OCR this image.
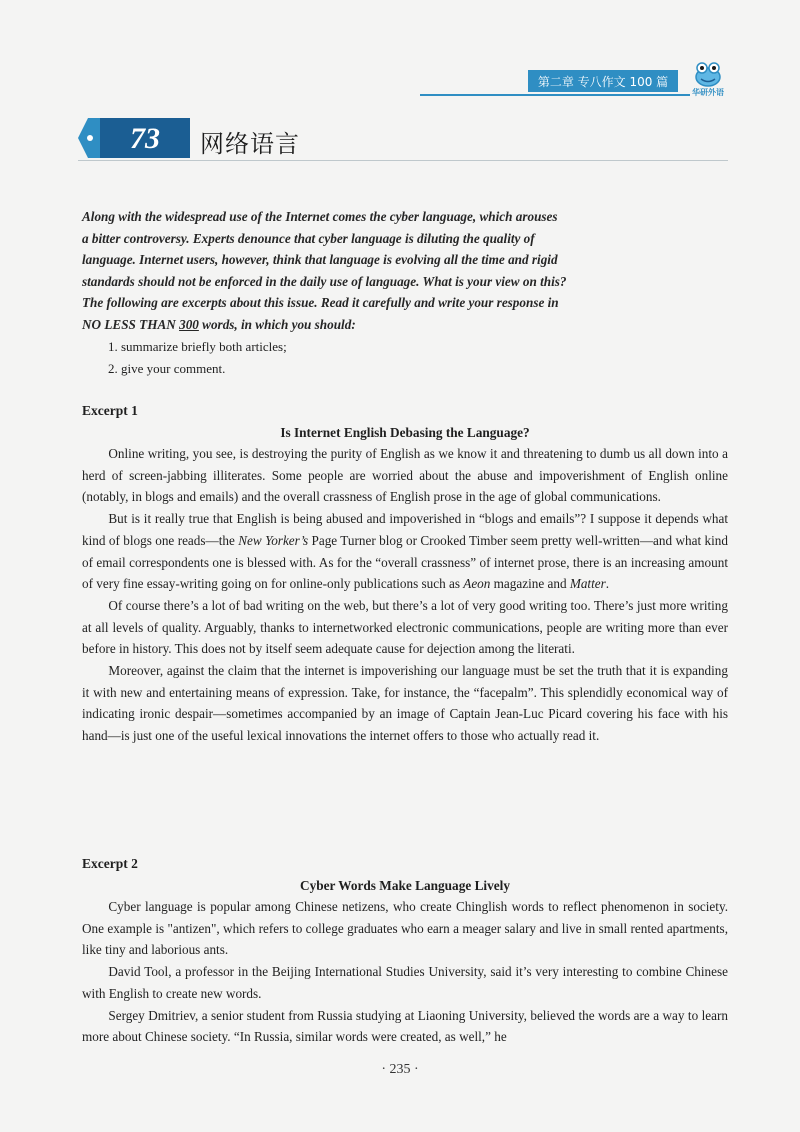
第二章 专八作文 100 篇
华研外语
73 网络语言

Along with the widespread use of the Internet comes the cyber language, which arouses

a bitter controversy. Experts denounce that cyber language is diluting the quality of

language. Internet users, however, think that language is evolving all the time and rigid

standards should not be enforced in the daily use of language. What is your view on this?

The following are excerpts about this issue. Read it carefully and write your response in

NO LESS THAN 300 words, in which you should:

1. summarize briefly both articles;
2. give your comment.
Excerpt 1
Is Internet English Debasing the Language?

Online writing, you see, is destroying the purity of English as we know it and threatening to dumb us all down into a herd of screen-jabbing illiterates. Some people are worried about the abuse and impoverishment of English online (notably, in blogs and emails) and the overall crassness of English prose in the age of global communications.

But is it really true that English is being abused and impoverished in “blogs and emails”? I suppose it depends what kind of blogs one reads—the New Yorker’s Page Turner blog or Crooked Timber seem pretty well-written—and what kind of email correspondents one is blessed with. As for the “overall crassness” of internet prose, there is an increasing amount of very fine essay-writing going on for online-only publications such as Aeon magazine and Matter.

Of course there’s a lot of bad writing on the web, but there’s a lot of very good writing too. There’s just more writing at all levels of quality. Arguably, thanks to internetworked electronic communications, people are writing more than ever before in history. This does not by itself seem adequate cause for dejection among the literati.

Moreover, against the claim that the internet is impoverishing our language must be set the truth that it is expanding it with new and entertaining means of expression. Take, for instance, the “facepalm”. This splendidly economical way of indicating ironic despair—sometimes accompanied by an image of Captain Jean-Luc Picard covering his face with his hand—is just one of the useful lexical innovations the internet offers to those who actually read it.

Excerpt 2
Cyber Words Make Language Lively

Cyber language is popular among Chinese netizens, who create Chinglish words to reflect phenomenon in society. One example is "antizen", which refers to college graduates who earn a meager salary and live in small rented apartments, like tiny and laborious ants.

David Tool, a professor in the Beijing International Studies University, said it’s very interesting to combine Chinese with English to create new words.

Sergey Dmitriev, a senior student from Russia studying at Liaoning University, believed the words are a way to learn more about Chinese society. “In Russia, similar words were created, as well,” he

· 235 ·
